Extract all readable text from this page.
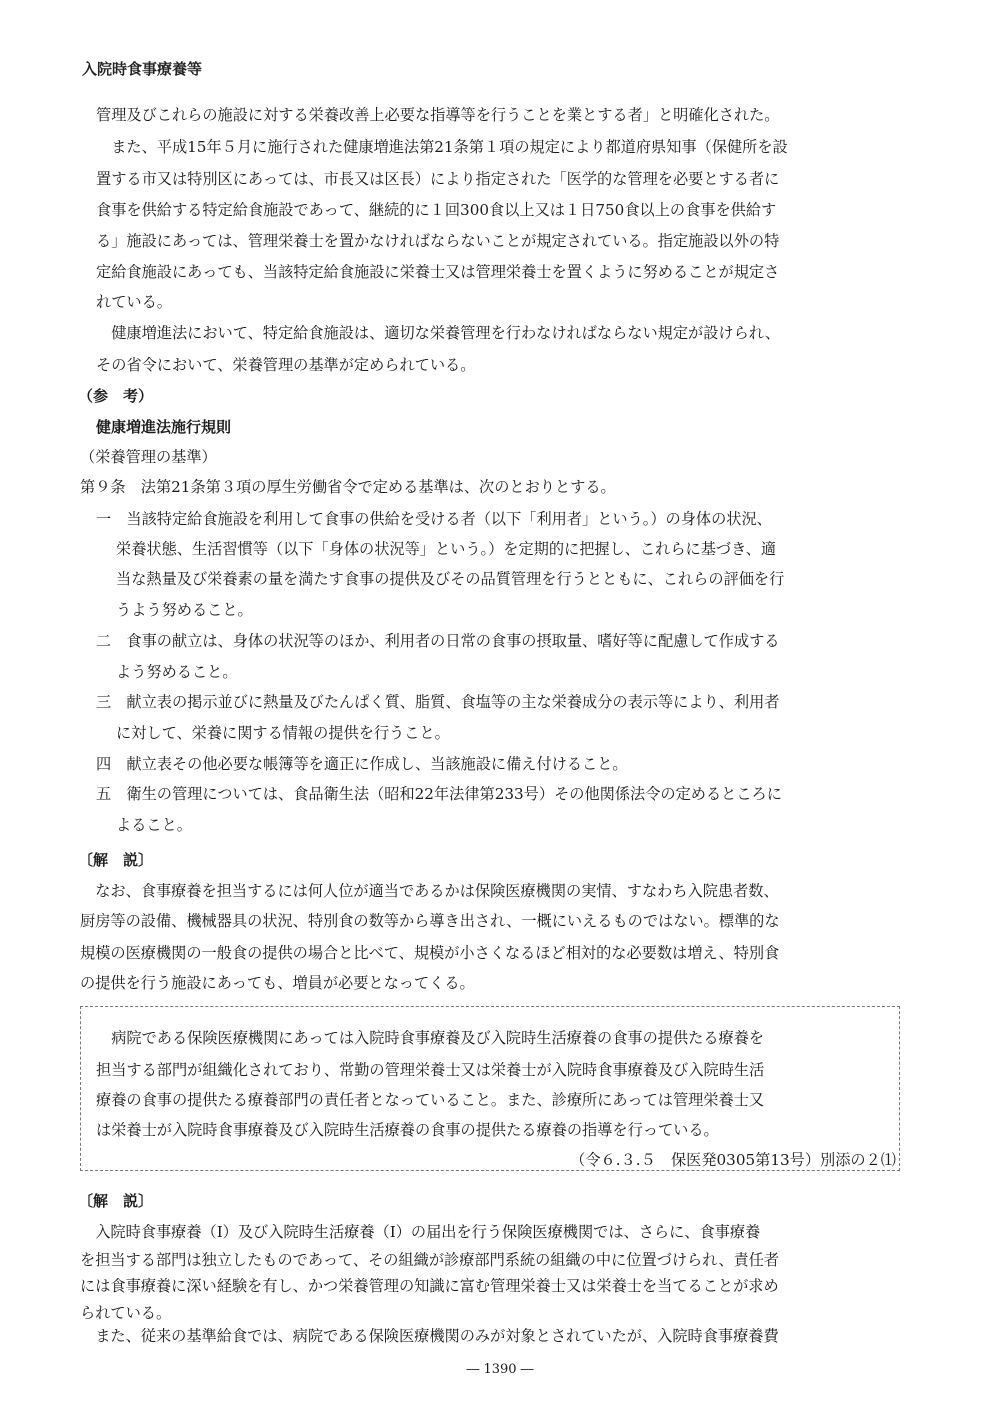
入院時食事療養等
管理及びこれらの施設に対する栄養改善上必要な指導等を行うことを業とする者」と明確化された。
　また、平成15年５月に施行された健康増進法第21条第１項の規定により都道府県知事（保健所を設
置する市又は特別区にあっては、市長又は区長）により指定された「医学的な管理を必要とする者に
食事を供給する特定給食施設であって、継続的に１回300食以上又は１日750食以上の食事を供給す
る」施設にあっては、管理栄養士を置かなければならないことが規定されている。指定施設以外の特
定給食施設にあっても、当該特定給食施設に栄養士又は管理栄養士を置くように努めることが規定さ
れている。
　健康増進法において、特定給食施設は、適切な栄養管理を行わなければならない規定が設けられ、
その省令において、栄養管理の基準が定められている。
（参　考）
健康増進法施行規則
（栄養管理の基準）
第９条　法第21条第３項の厚生労働省令で定める基準は、次のとおりとする。
一　当該特定給食施設を利用して食事の供給を受ける者（以下「利用者」という。）の身体の状況、
栄養状態、生活習慣等（以下「身体の状況等」という。）を定期的に把握し、これらに基づき、適
当な熱量及び栄養素の量を満たす食事の提供及びその品質管理を行うとともに、これらの評価を行
うよう努めること。
二　食事の献立は、身体の状況等のほか、利用者の日常の食事の摂取量、嗜好等に配慮して作成する
よう努めること。
三　献立表の掲示並びに熱量及びたんぱく質、脂質、食塩等の主な栄養成分の表示等により、利用者
に対して、栄養に関する情報の提供を行うこと。
四　献立表その他必要な帳簿等を適正に作成し、当該施設に備え付けること。
五　衛生の管理については、食品衛生法（昭和22年法律第233号）その他関係法令の定めるところに
よること。
〔解　説〕
　なお、食事療養を担当するには何人位が適当であるかは保険医療機関の実情、すなわち入院患者数、
厨房等の設備、機械器具の状況、特別食の数等から導き出され、一概にいえるものではない。標準的な
規模の医療機関の一般食の提供の場合と比べて、規模が小さくなるほど相対的な必要数は増え、特別食
の提供を行う施設にあっても、増員が必要となってくる。
　病院である保険医療機関にあっては入院時食事療養及び入院時生活療養の食事の提供たる療養を
担当する部門が組織化されており、常勤の管理栄養士又は栄養士が入院時食事療養及び入院時生活
療養の食事の提供たる療養部門の責任者となっていること。また、診療所にあっては管理栄養士又
は栄養士が入院時食事療養及び入院時生活療養の食事の提供たる療養の指導を行っている。
（令６.３.５　保医発0305第13号）別添の２⑴
〔解　説〕
　入院時食事療養（Ⅰ）及び入院時生活療養（Ⅰ）の届出を行う保険医療機関では、さらに、食事療養
を担当する部門は独立したものであって、その組織が診療部門系統の組織の中に位置づけられ、責任者
には食事療養に深い経験を有し、かつ栄養管理の知識に富む管理栄養士又は栄養士を当てることが求め
られている。
　また、従来の基準給食では、病院である保険医療機関のみが対象とされていたが、入院時食事療養費
― 1390 ―
